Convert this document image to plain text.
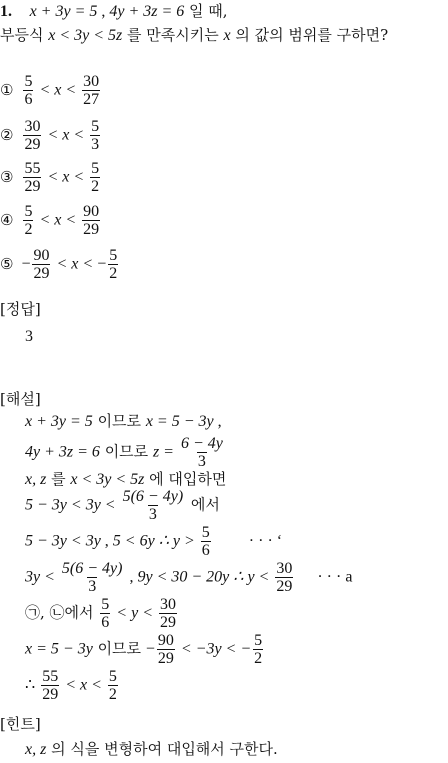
1. x + 3y = 5 , 4y + 3z = 6 일 때,
부등식 x < 3y < 5z 를 만족시키는 x 의 값의 범위를 구하면?
① $\frac{5}{6} < x < \frac{30}{27}$
② $\frac{30}{29} < x < \frac{5}{3}$
③ $\frac{55}{29} < x < \frac{5}{2}$
④ $\frac{5}{2} < x < \frac{90}{29}$
⑤ − $\frac{90}{29} < x$ < − $\frac{5}{2}$
[정답]
3
[해설]
x + 3y = 5 이므로 x = 5 − 3y ,
4y + 3z = 6 이므로 $z = \frac{6 - 4y}{3}$
x, z 를 x < 3y < 5z 에 대입하면
$5 - 3y < 3y < \frac{5(6 - 4y)}{3}$ 에서
5 − 3y < 3y , 5 < 6y ∴ $y > \frac{5}{6}$ · · · ‘
$3y < \frac{5(6 - 4y)}{3}$ , 9y < 30 − 20y ∴ $y < \frac{30}{29}$ · · · a
㉠, ㉡에서 $\frac{5}{6} < y < \frac{30}{29}$
x = 5 − 3y 이므로 − $\frac{90}{29} < -3y$ < − $\frac{5}{2}$
∴ $\frac{55}{29} < x < \frac{5}{2}$
[힌트]
x, z 의 식을 변형하여 대입해서 구한다.
